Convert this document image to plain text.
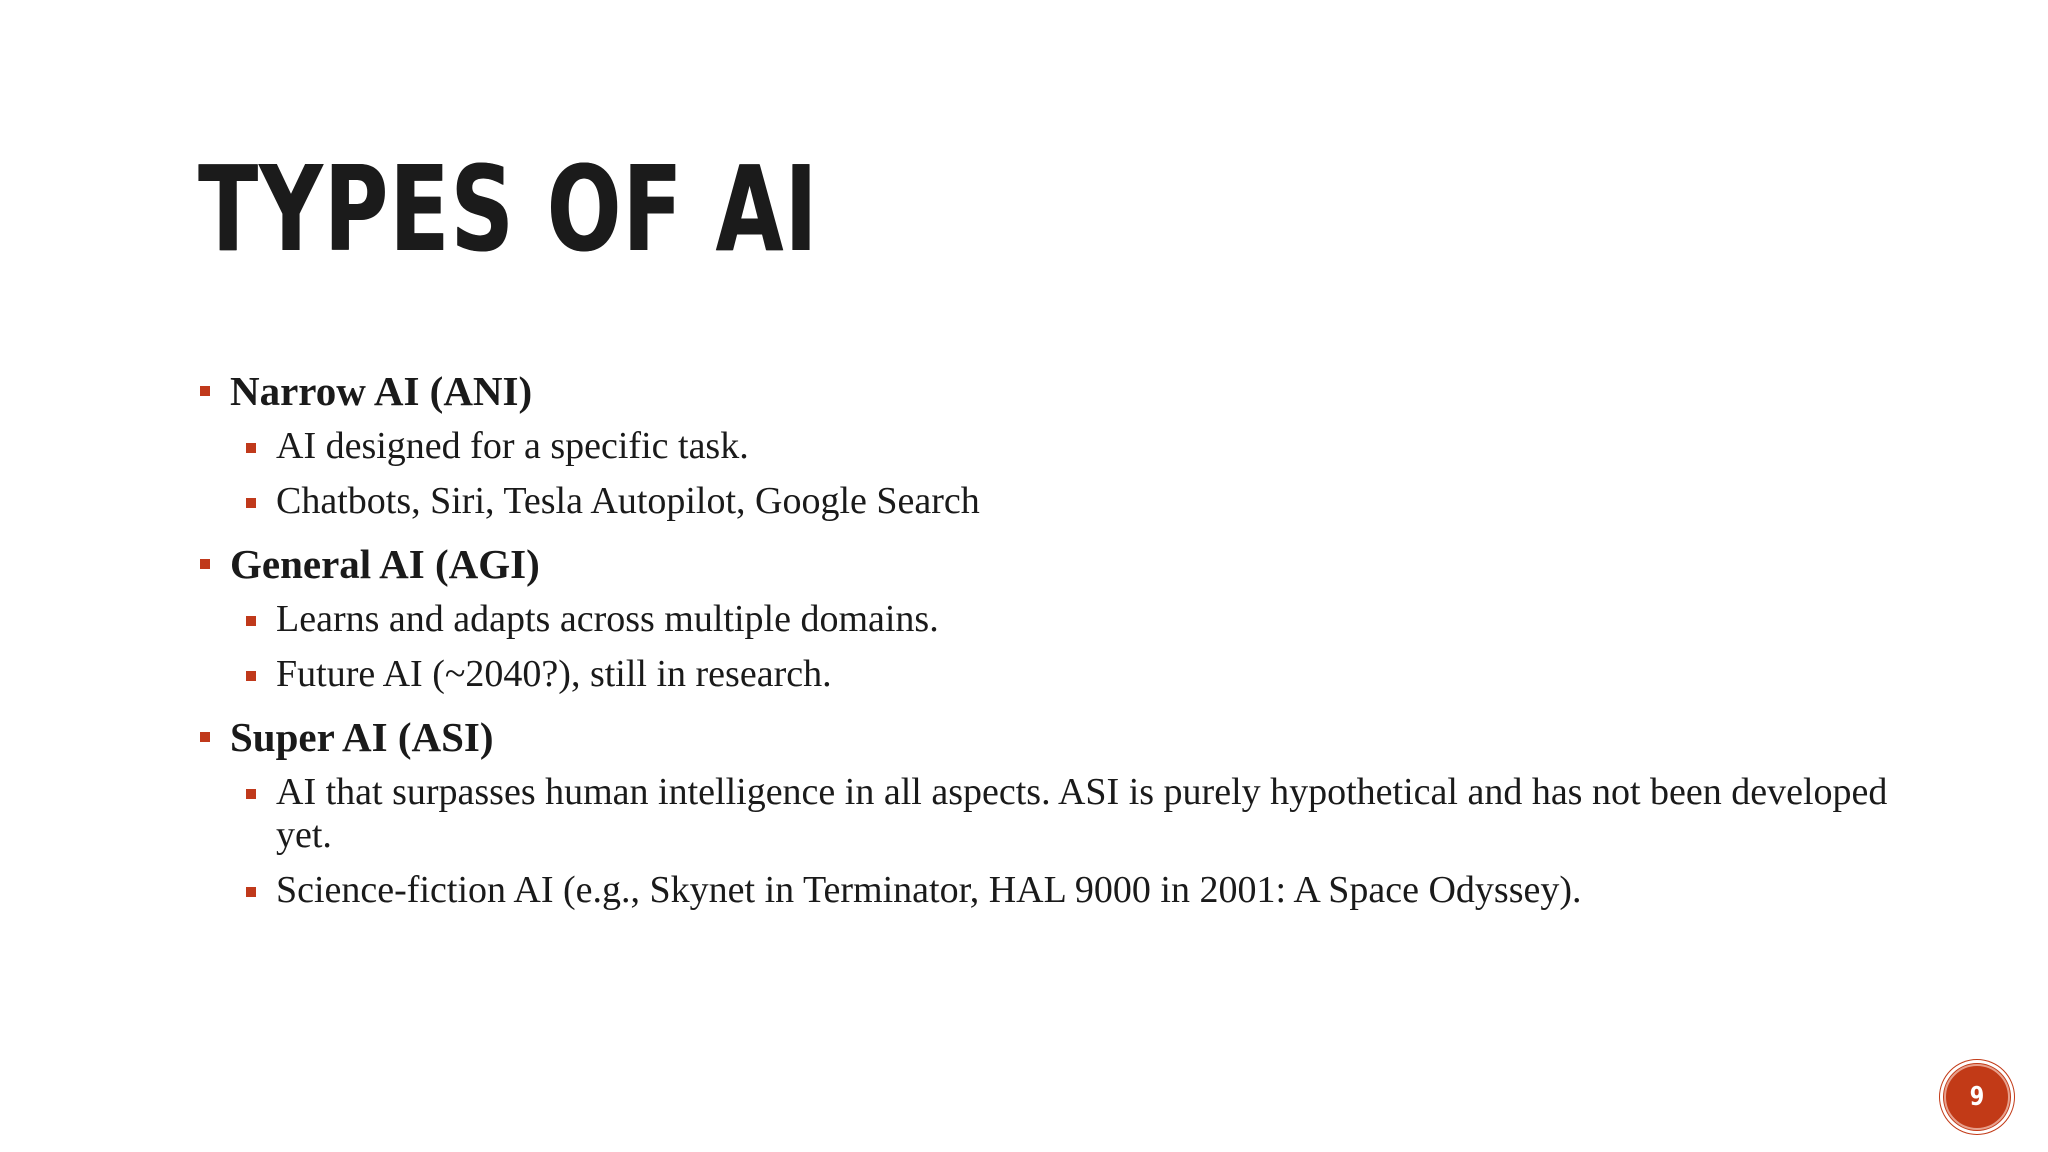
TYPES OF AI
Narrow AI (ANI)
AI designed for a specific task.
Chatbots, Siri, Tesla Autopilot, Google Search
General AI (AGI)
Learns and adapts across multiple domains.
Future AI (~2040?), still in research.
Super AI (ASI)
AI that surpasses human intelligence in all aspects. ASI is purely hypothetical and has not been developed yet.
Science-fiction AI (e.g., Skynet in Terminator, HAL 9000 in 2001: A Space Odyssey).
9
